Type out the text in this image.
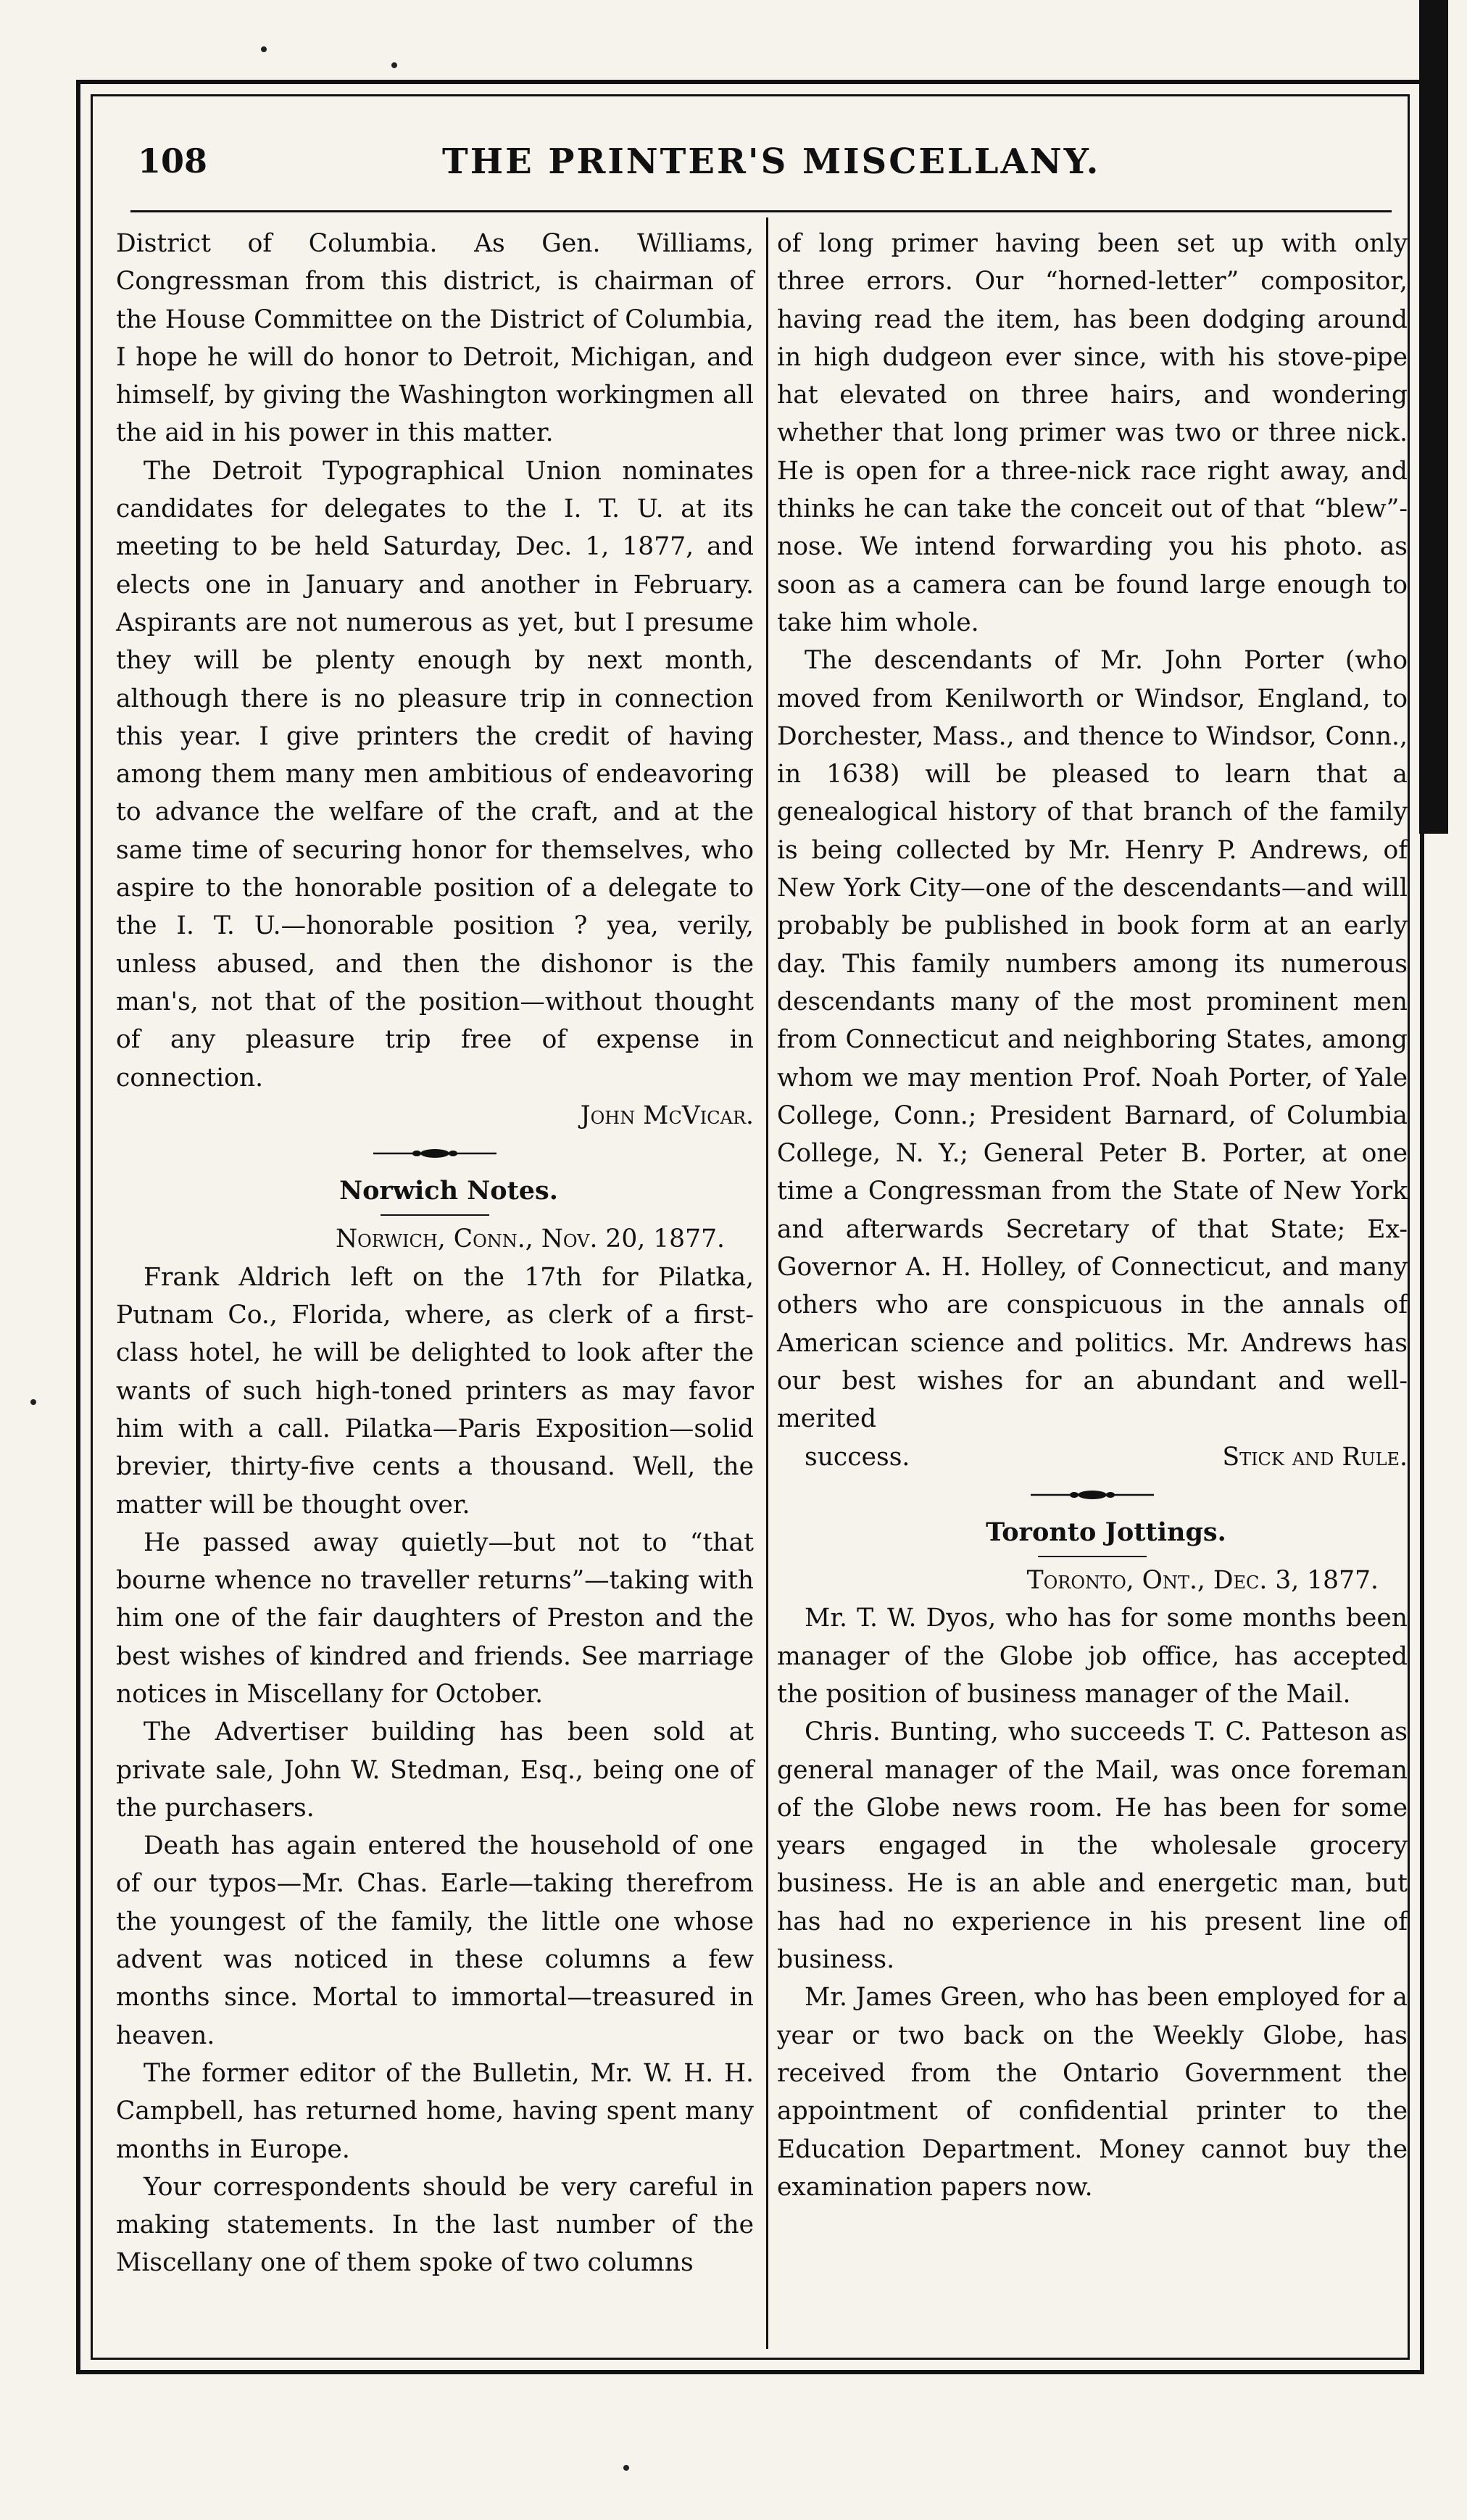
108	THE PRINTER'S MISCELLANY.

District of Columbia. As Gen. Williams, Congressman from this district, is chairman of the House Committee on the District of Columbia, I hope he will do honor to Detroit, Michigan, and himself, by giving the Washington workingmen all the aid in his power in this matter.

The Detroit Typographical Union nominates candidates for delegates to the I. T. U. at its meeting to be held Saturday, Dec. 1, 1877, and elects one in January and another in February. Aspirants are not numerous as yet, but I presume they will be plenty enough by next month, although there is no pleasure trip in connection this year. I give printers the credit of having among them many men ambitious of endeavoring to advance the welfare of the craft, and at the same time of securing honor for themselves, who aspire to the honorable position of a delegate to the I. T. U.—honorable position ? yea, verily, unless abused, and then the dishonor is the man's, not that of the position—without thought of any pleasure trip free of expense in connection.

John McVicar.

Norwich Notes.

Norwich, Conn., Nov. 20, 1877.

Frank Aldrich left on the 17th for Pilatka, Putnam Co., Florida, where, as clerk of a first-class hotel, he will be delighted to look after the wants of such high-toned printers as may favor him with a call. Pilatka—Paris Exposition—solid brevier, thirty-five cents a thousand. Well, the matter will be thought over.

He passed away quietly—but not to “that bourne whence no traveller returns”—taking with him one of the fair daughters of Preston and the best wishes of kindred and friends. See marriage notices in Miscellany for October.

The Advertiser building has been sold at private sale, John W. Stedman, Esq., being one of the purchasers.

Death has again entered the household of one of our typos—Mr. Chas. Earle—taking therefrom the youngest of the family, the little one whose advent was noticed in these columns a few months since. Mortal to immortal—treasured in heaven.

The former editor of the Bulletin, Mr. W. H. H. Campbell, has returned home, having spent many months in Europe.

Your correspondents should be very careful in making statements. In the last number of the Miscellany one of them spoke of two columns

of long primer having been set up with only three errors. Our “horned-letter” compositor, having read the item, has been dodging around in high dudgeon ever since, with his stove-pipe hat elevated on three hairs, and wondering whether that long primer was two or three nick. He is open for a three-nick race right away, and thinks he can take the conceit out of that “blew”-nose. We intend forwarding you his photo. as soon as a camera can be found large enough to take him whole.

The descendants of Mr. John Porter (who moved from Kenilworth or Windsor, England, to Dorchester, Mass., and thence to Windsor, Conn., in 1638) will be pleased to learn that a genealogical history of that branch of the family is being collected by Mr. Henry P. Andrews, of New York City—one of the descendants—and will probably be published in book form at an early day. This family numbers among its numerous descendants many of the most prominent men from Connecticut and neighboring States, among whom we may mention Prof. Noah Porter, of Yale College, Conn.; President Barnard, of Columbia College, N. Y.; General Peter B. Porter, at one time a Congressman from the State of New York and afterwards Secretary of that State; Ex-Governor A. H. Holley, of Connecticut, and many others who are conspicuous in the annals of American science and politics. Mr. Andrews has our best wishes for an abundant and well-merited

success.	Stick and Rule.

Toronto Jottings.

Toronto, Ont., Dec. 3, 1877.

Mr. T. W. Dyos, who has for some months been manager of the Globe job office, has accepted the position of business manager of the Mail.

Chris. Bunting, who succeeds T. C. Patteson as general manager of the Mail, was once foreman of the Globe news room. He has been for some years engaged in the wholesale grocery business. He is an able and energetic man, but has had no experience in his present line of business.

Mr. James Green, who has been employed for a year or two back on the Weekly Globe, has received from the Ontario Government the appointment of confidential printer to the Education Department. Money cannot buy the examination papers now.
